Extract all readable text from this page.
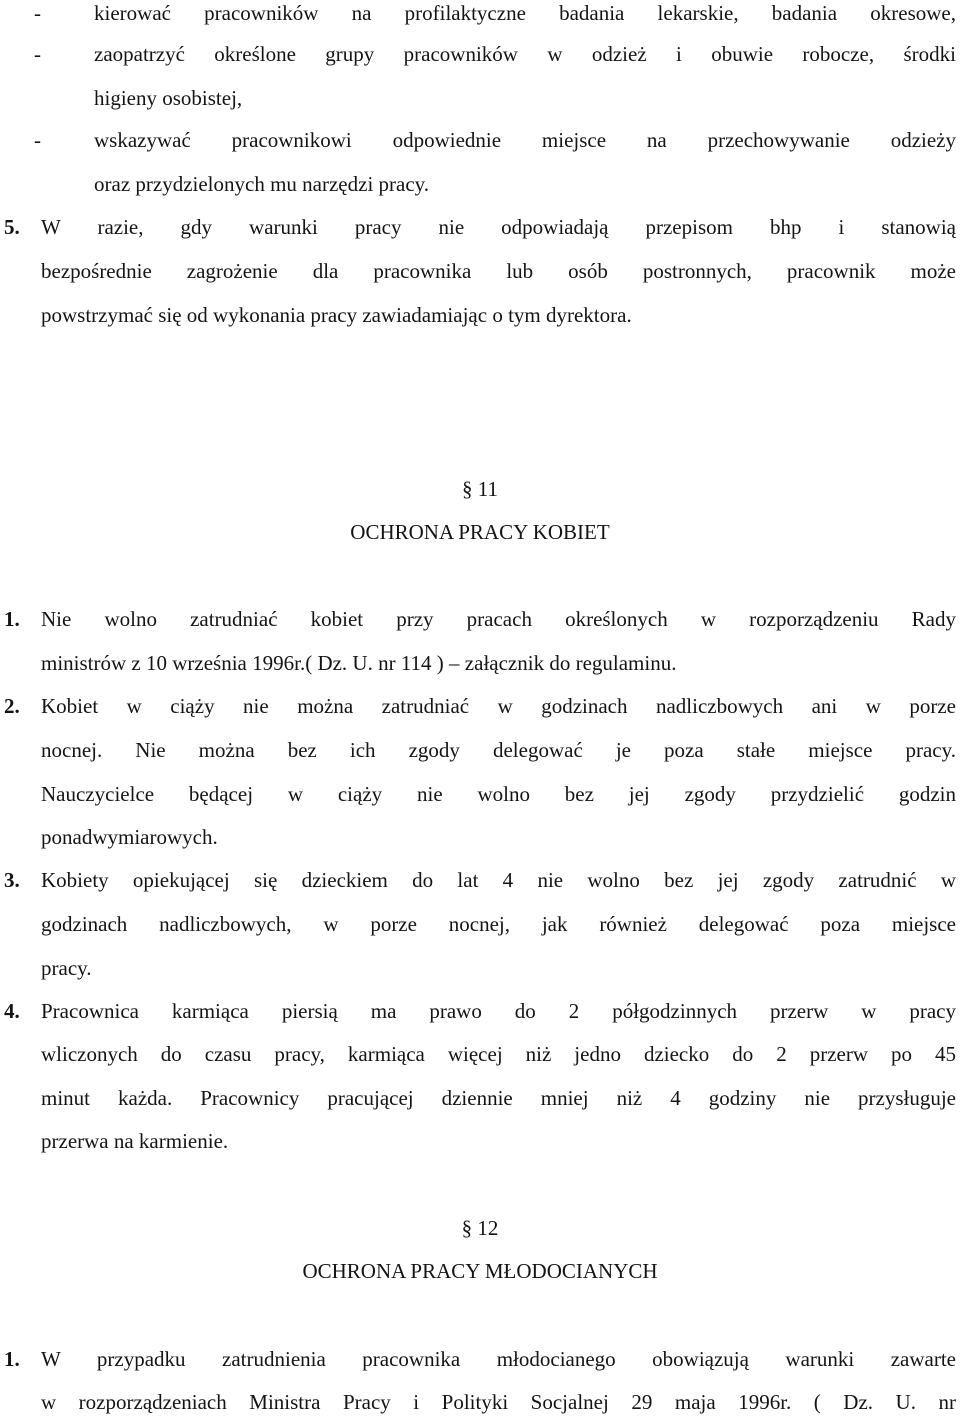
-	kierować pracowników na profilaktyczne badania lekarskie, badania okresowe,
-	zaopatrzyć określone grupy pracowników w odzież i obuwie robocze, środki
higieny osobistej,
-	wskazywać pracownikowi odpowiednie miejsce na przechowywanie odzieży
oraz przydzielonych mu narzędzi pracy.
5. W razie, gdy warunki pracy nie odpowiadają przepisom bhp i stanowią
bezpośrednie zagrożenie dla pracownika lub osób postronnych, pracownik może
powstrzymać się od wykonania pracy zawiadamiając o tym dyrektora.
§ 11
OCHRONA PRACY KOBIET
1. Nie wolno zatrudniać kobiet przy pracach określonych w rozporządzeniu Rady
ministrów z 10 września 1996r.( Dz. U. nr 114 ) – załącznik do regulaminu.
2. Kobiet w ciąży nie można zatrudniać w godzinach nadliczbowych ani w porze
nocnej. Nie można bez ich zgody delegować je poza stałe miejsce pracy.
Nauczycielce będącej w ciąży nie wolno bez jej zgody przydzielić godzin
ponadwymiarowych.
3. Kobiety opiekującej się dzieckiem do lat 4 nie wolno bez jej zgody zatrudnić w
godzinach nadliczbowych, w porze nocnej, jak również delegować poza miejsce
pracy.
4. Pracownica karmiąca piersią ma prawo do 2 półgodzinnych przerw w pracy
wliczonych do czasu pracy, karmiąca więcej niż jedno dziecko do 2 przerw po 45
minut każda. Pracownicy pracującej dziennie mniej niż 4 godziny nie przysługuje
przerwa na karmienie.
§ 12
OCHRONA PRACY MŁODOCIANYCH
1. W przypadku zatrudnienia pracownika młodocianego obowiązują warunki zawarte
w rozporządzeniach Ministra Pracy i Polityki Socjalnej 29 maja 1996r. ( Dz. U. nr
